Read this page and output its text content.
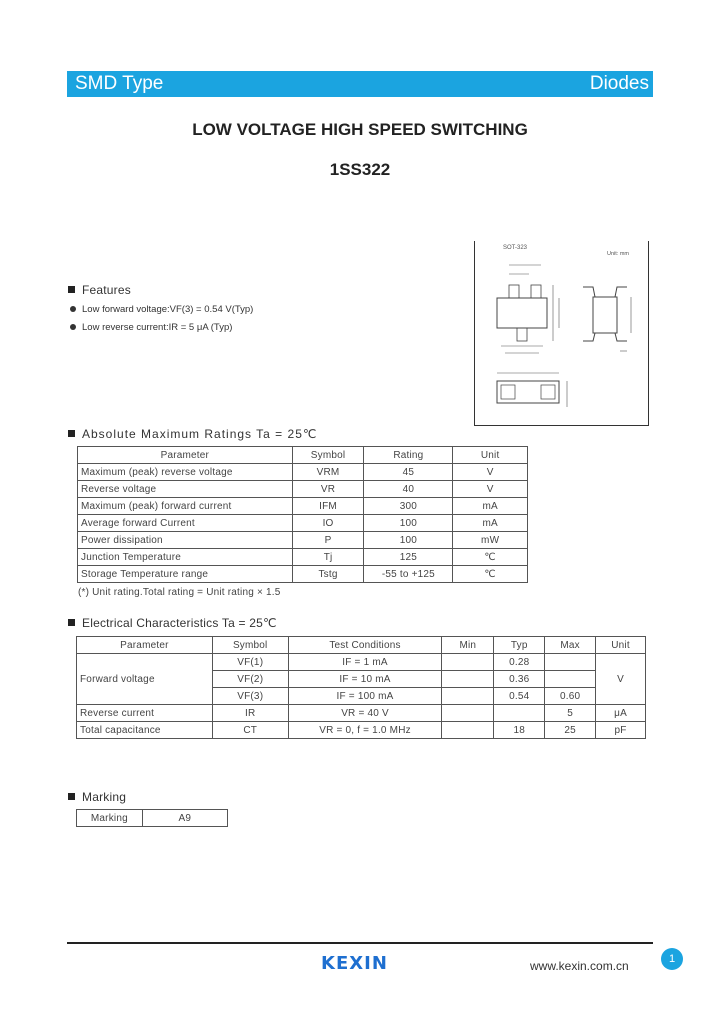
SMD Type	Diodes
LOW VOLTAGE HIGH SPEED SWITCHING
1SS322
SOT-323
Unit: mm
Features
Low forward voltage:VF(3) = 0.54 V(Typ)
Low reverse current:IR = 5 μA (Typ)
Absolute Maximum Ratings Ta = 25℃
Parameter	Symbol	Rating	Unit
Maximum (peak) reverse voltage	VRM	45	V
Reverse voltage	VR	40	V
Maximum (peak) forward current	IFM	300	mA
Average forward Current	IO	100	mA
Power dissipation	P	100	mW
Junction Temperature	Tj	125	℃
Storage Temperature range	Tstg	-55 to +125	℃
(*) Unit rating.Total rating = Unit rating × 1.5
Electrical Characteristics Ta = 25℃
Parameter	Symbol	Test Conditions	Min	Typ	Max	Unit
Forward voltage	VF(1)	IF = 1 mA		0.28		V
	VF(2)	IF = 10 mA		0.36		
	VF(3)	IF = 100 mA		0.54	0.60	
Reverse current	IR	VR = 40 V			5	μA
Total capacitance	CT	VR = 0, f = 1.0 MHz		18	25	pF
Marking
Marking	A9
KEXIN	www.kexin.com.cn	1
